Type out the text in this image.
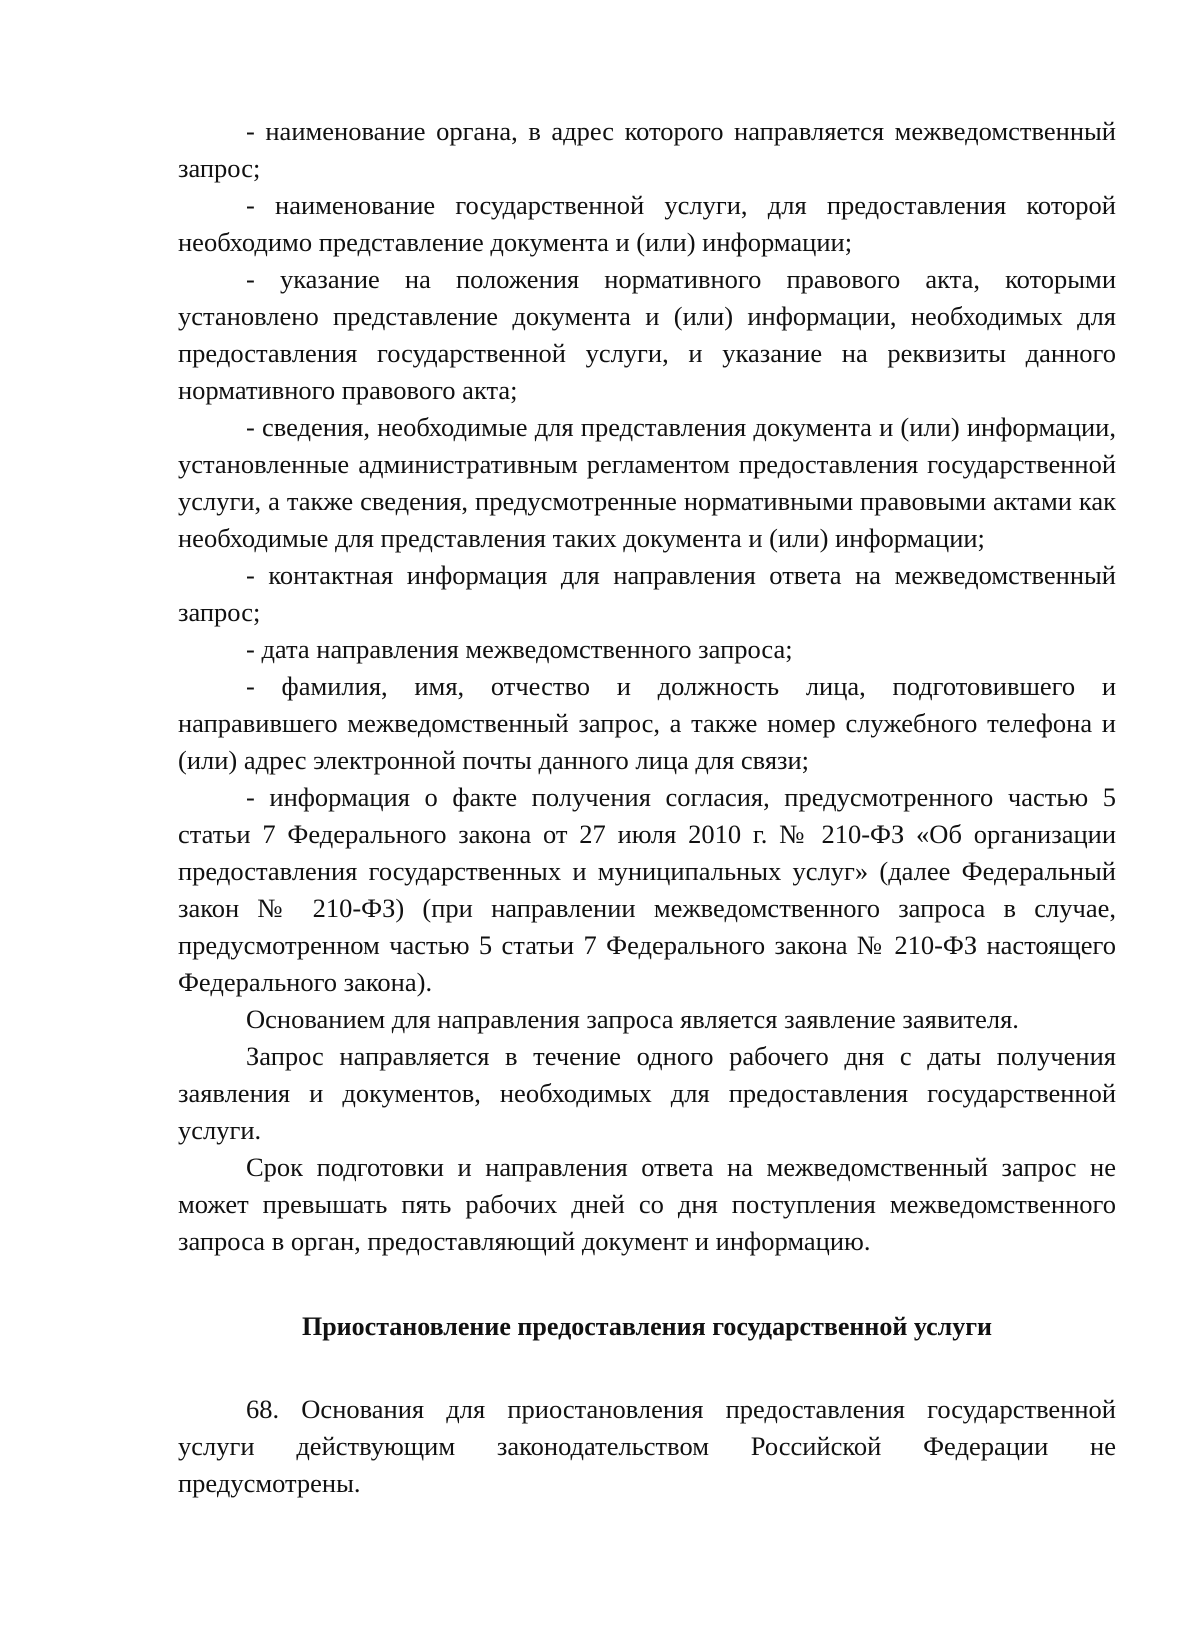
- наименование органа, в адрес которого направляется межведомственный запрос;

- наименование государственной услуги, для предоставления которой необходимо представление документа и (или) информации;

- указание на положения нормативного правового акта, которыми установлено представление документа и (или) информации, необходимых для предоставления государственной услуги, и указание на реквизиты данного нормативного правового акта;

- сведения, необходимые для представления документа и (или) информации, установленные административным регламентом предоставления государственной услуги, а также сведения, предусмотренные нормативными правовыми актами как необходимые для представления таких документа и (или) информации;

- контактная информация для направления ответа на межведомственный запрос;

- дата направления межведомственного запроса;

- фамилия, имя, отчество и должность лица, подготовившего и направившего межведомственный запрос, а также номер служебного телефона и (или) адрес электронной почты данного лица для связи;

- информация о факте получения согласия, предусмотренного частью 5 статьи 7 Федерального закона от 27 июля 2010 г. № 210-ФЗ «Об организации предоставления государственных и муниципальных услуг» (далее Федеральный закон № 210-ФЗ) (при направлении межведомственного запроса в случае, предусмотренном частью 5 статьи 7 Федерального закона № 210-ФЗ настоящего Федерального закона).

Основанием для направления запроса является заявление заявителя.

Запрос направляется в течение одного рабочего дня с даты получения заявления и документов, необходимых для предоставления государственной услуги.

Срок подготовки и направления ответа на межведомственный запрос не может превышать пять рабочих дней со дня поступления межведомственного запроса в орган, предоставляющий документ и информацию.

Приостановление предоставления государственной услуги

68. Основания для приостановления предоставления государственной услуги действующим законодательством Российской Федерации не предусмотрены.
